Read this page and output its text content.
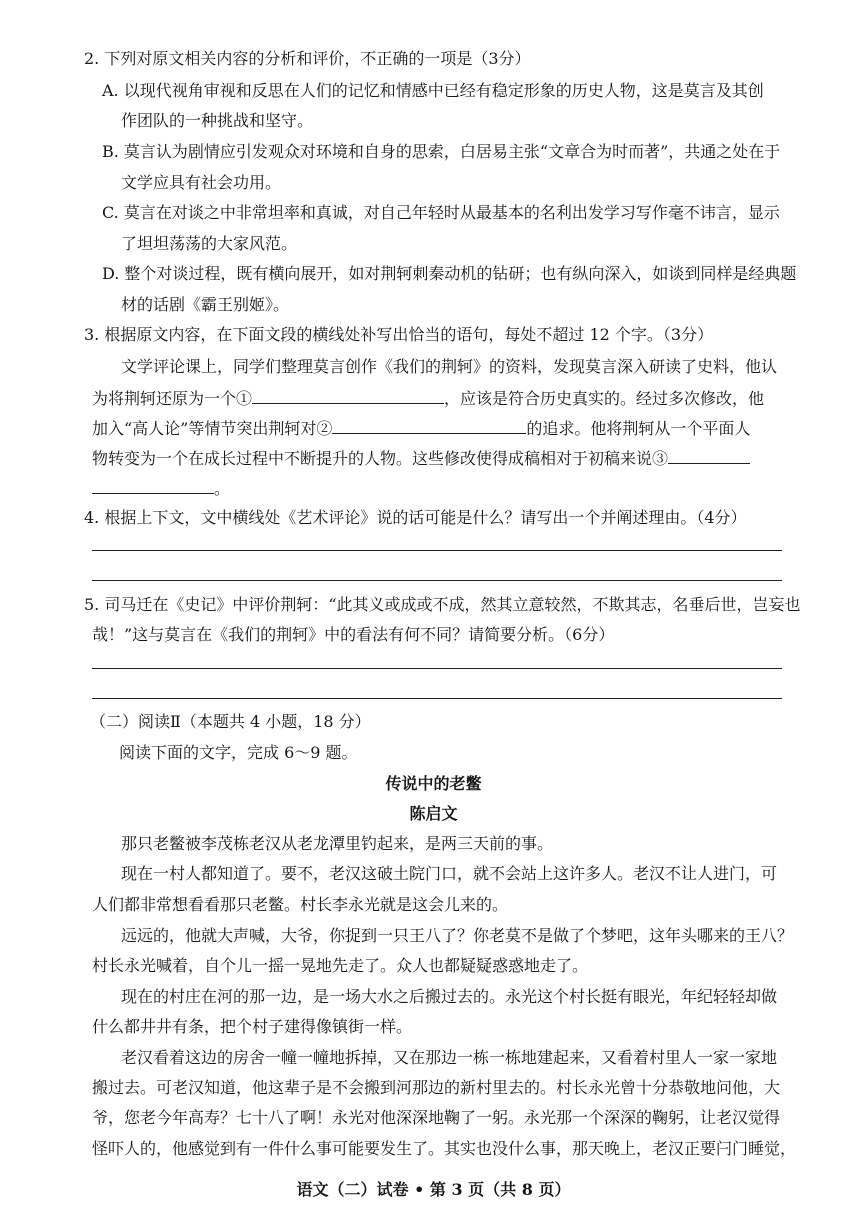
2. 下列对原文相关内容的分析和评价，不正确的一项是（3分）
A. 以现代视角审视和反思在人们的记忆和情感中已经有稳定形象的历史人物，这是莫言及其创
作团队的一种挑战和坚守。
B. 莫言认为剧情应引发观众对环境和自身的思索，白居易主张“文章合为时而著”，共通之处在于
文学应具有社会功用。
C. 莫言在对谈之中非常坦率和真诚，对自己年轻时从最基本的名利出发学习写作毫不讳言，显示
了坦坦荡荡的大家风范。
D. 整个对谈过程，既有横向展开，如对荆轲刺秦动机的钻研；也有纵向深入，如谈到同样是经典题
材的话剧《霸王别姬》。
3. 根据原文内容，在下面文段的横线处补写出恰当的语句，每处不超过 12 个字。（3分）
文学评论课上，同学们整理莫言创作《我们的荆轲》的资料，发现莫言深入研读了史料，他认
为将荆轲还原为一个①	，应该是符合历史真实的。经过多次修改，他
加入“高人论”等情节突出荆轲对②	的追求。他将荆轲从一个平面人
物转变为一个在成长过程中不断提升的人物。这些修改使得成稿相对于初稿来说③
。
4. 根据上下文，文中横线处《艺术评论》说的话可能是什么？请写出一个并阐述理由。（4分）
5. 司马迁在《史记》中评价荆轲：“此其义或成或不成，然其立意较然，不欺其志，名垂后世，岂妄也
哉！”这与莫言在《我们的荆轲》中的看法有何不同？请简要分析。（6分）
（二）阅读Ⅱ（本题共 4 小题，18 分）
阅读下面的文字，完成 6～9 题。
传说中的老鳖
陈启文
那只老鳖被李茂栋老汉从老龙潭里钓起来，是两三天前的事。
现在一村人都知道了。要不，老汉这破土院门口，就不会站上这许多人。老汉不让人进门，可
人们都非常想看看那只老鳖。村长李永光就是这会儿来的。
远远的，他就大声喊，大爷，你捉到一只王八了？你老莫不是做了个梦吧，这年头哪来的王八？
村长永光喊着，自个儿一摇一晃地先走了。众人也都疑疑惑惑地走了。
现在的村庄在河的那一边，是一场大水之后搬过去的。永光这个村长挺有眼光，年纪轻轻却做
什么都井井有条，把个村子建得像镇街一样。
老汉看着这边的房舍一幢一幢地拆掉，又在那边一栋一栋地建起来，又看着村里人一家一家地
搬过去。可老汉知道，他这辈子是不会搬到河那边的新村里去的。村长永光曾十分恭敬地问他，大
爷，您老今年高寿？七十八了啊！永光对他深深地鞠了一躬。永光那一个深深的鞠躬，让老汉觉得
怪吓人的，他感觉到有一件什么事可能要发生了。其实也没什么事，那天晚上，老汉正要闩门睡觉，
语文（二）试卷 • 第 3 页（共 8 页）
